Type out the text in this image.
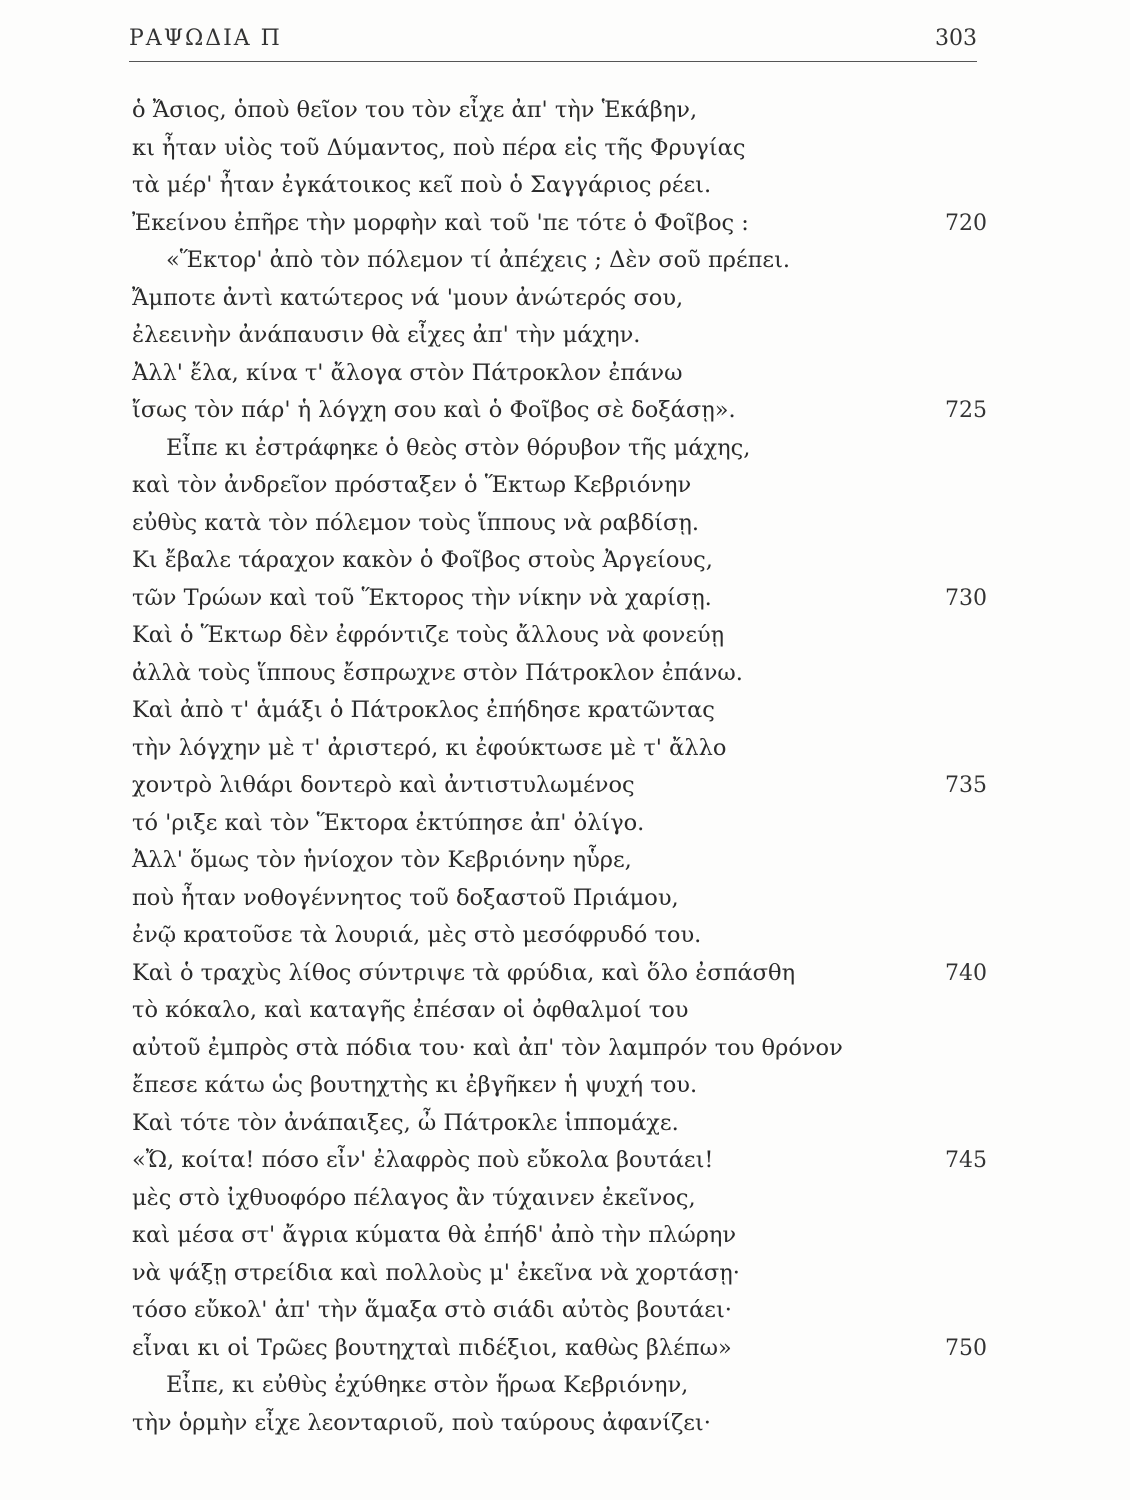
ΡΑΨΩΔΙΑ Π	303
ὁ Ἄσιος, ὁποὺ θεῖον του τὸν εἶχε ἀπ' τὴν Ἑκάβην,
κι ἦταν υἱὸς τοῦ Δύμαντος, ποὺ πέρα εἰς τῆς Φρυγίας
τὰ μέρ' ἦταν ἐγκάτοικος κεῖ ποὺ ὁ Σαγγάριος ρέει.
Ἐκείνου ἐπῆρε τὴν μορφὴν καὶ τοῦ 'πε τότε ὁ Φοῖβος :	720
«Ἕκτορ' ἀπὸ τὸν πόλεμον τί ἀπέχεις ; Δὲν σοῦ πρέπει.
Ἄμποτε ἀντὶ κατώτερος νά 'μουν ἀνώτερός σου,
ἐλεεινὴν ἀνάπαυσιν θὰ εἶχες ἀπ' τὴν μάχην.
Ἀλλ' ἔλα, κίνα τ' ἄλογα στὸν Πάτροκλον ἐπάνω
ἴσως τὸν πάρ' ἡ λόγχη σου καὶ ὁ Φοῖβος σὲ δοξάσῃ».	725
Εἶπε κι ἐστράφηκε ὁ θεὸς στὸν θόρυβον τῆς μάχης,
καὶ τὸν ἀνδρεῖον πρόσταξεν ὁ Ἕκτωρ Κεβριόνην
εὐθὺς κατὰ τὸν πόλεμον τοὺς ἵππους νὰ ραβδίσῃ.
Κι ἔβαλε τάραχον κακὸν ὁ Φοῖβος στοὺς Ἀργείους,
τῶν Τρώων καὶ τοῦ Ἕκτορος τὴν νίκην νὰ χαρίσῃ.	730
Καὶ ὁ Ἕκτωρ δὲν ἐφρόντιζε τοὺς ἄλλους νὰ φονεύῃ
ἀλλὰ τοὺς ἵππους ἔσπρωχνε στὸν Πάτροκλον ἐπάνω.
Καὶ ἀπὸ τ' ἁμάξι ὁ Πάτροκλος ἐπήδησε κρατῶντας
τὴν λόγχην μὲ τ' ἀριστερό, κι ἐφούκτωσε μὲ τ' ἄλλο
χοντρὸ λιθάρι δοντερὸ καὶ ἀντιστυλωμένος	735
τό 'ριξε καὶ τὸν Ἕκτορα ἐκτύπησε ἀπ' ὀλίγο.
Ἀλλ' ὅμως τὸν ἡνίοχον τὸν Κεβριόνην ηὗρε,
ποὺ ἦταν νοθογέννητος τοῦ δοξαστοῦ Πριάμου,
ἐνῷ κρατοῦσε τὰ λουριά, μὲς στὸ μεσόφρυδό του.
Καὶ ὁ τραχὺς λίθος σύντριψε τὰ φρύδια, καὶ ὅλο ἐσπάσθη	740
τὸ κόκαλο, καὶ καταγῆς ἐπέσαν οἱ ὀφθαλμοί του
αὐτοῦ ἐμπρὸς στὰ πόδια του· καὶ ἀπ' τὸν λαμπρόν του θρόνον
ἔπεσε κάτω ὡς βουτηχτὴς κι ἐβγῆκεν ἡ ψυχή του.
Καὶ τότε τὸν ἀνάπαιξες, ὦ Πάτροκλε ἱππομάχε.
«Ὤ, κοίτα! πόσο εἶν' ἐλαφρὸς ποὺ εὔκολα βουτάει!	745
μὲς στὸ ἰχθυοφόρο πέλαγος ἂν τύχαινεν ἐκεῖνος,
καὶ μέσα στ' ἄγρια κύματα θὰ ἐπήδ' ἀπὸ τὴν πλώρην
νὰ ψάξῃ στρείδια καὶ πολλοὺς μ' ἐκεῖνα νὰ χορτάσῃ·
τόσο εὔκολ' ἀπ' τὴν ἅμαξα στὸ σιάδι αὐτὸς βουτάει·
εἶναι κι οἱ Τρῶες βουτηχταὶ πιδέξιοι, καθὼς βλέπω»	750
Εἶπε, κι εὐθὺς ἐχύθηκε στὸν ἥρωα Κεβριόνην,
τὴν ὁρμὴν εἶχε λεονταριοῦ, ποὺ ταύρους ἀφανίζει·
